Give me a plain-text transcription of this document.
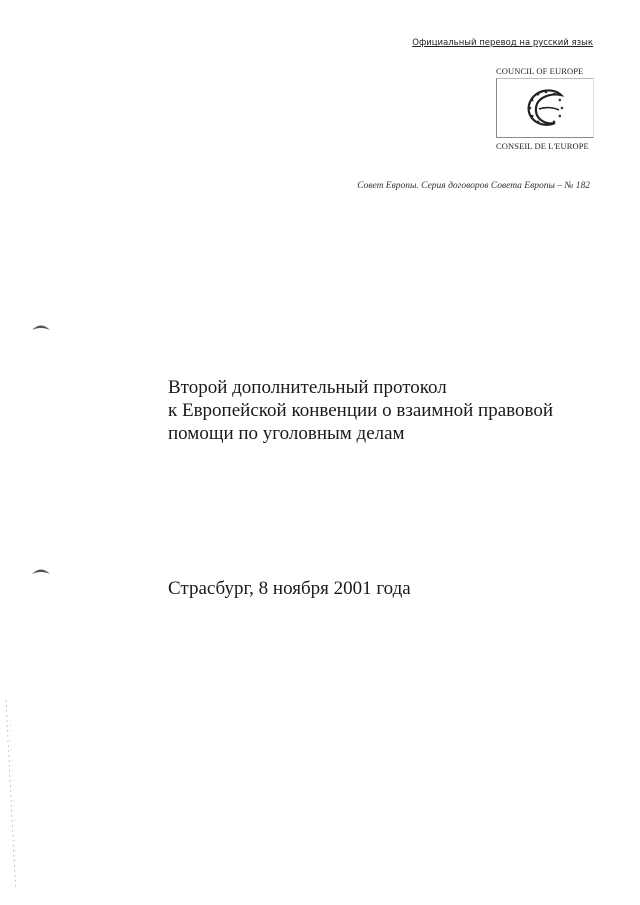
Официальный перевод на русский язык
COUNCIL OF EUROPE
CONSEIL DE L'EUROPE
Совет Европы. Серия договоров Совета Европы – № 182
Второй дополнительный протокол
к Европейской конвенции о взаимной правовой
помощи по уголовным делам
Страсбург, 8 ноября 2001 года
